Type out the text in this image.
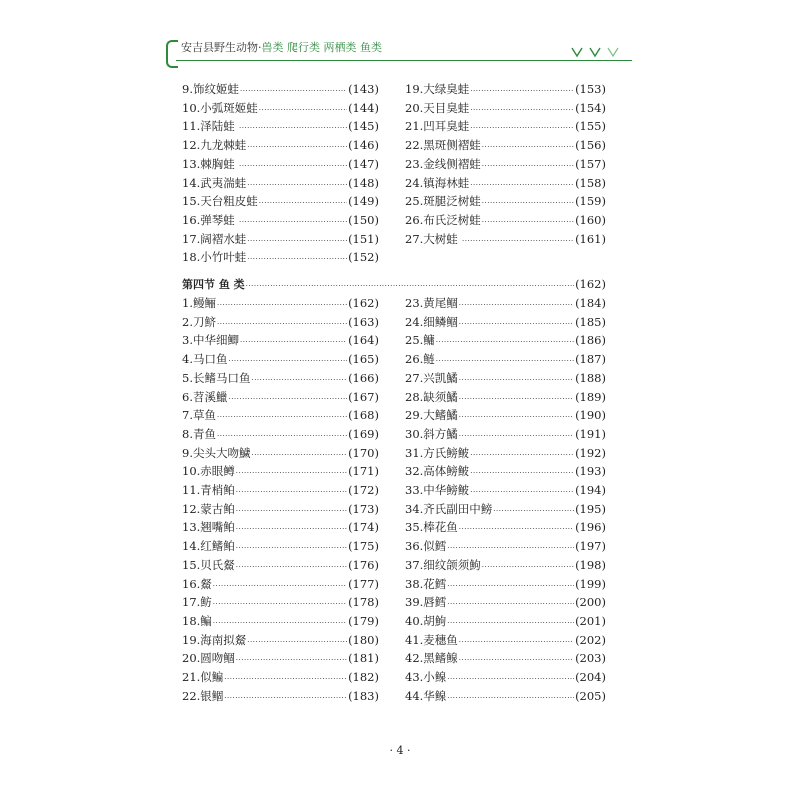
安吉县野生动物·兽类 爬行类 两栖类 鱼类
9.饰纹姬蛙 ·····	(143)
10.小弧斑姬蛙 ·····	(144)
11.泽陆蛙 ·····	(145)
12.九龙棘蛙 ·····	(146)
13.棘胸蛙 ·····	(147)
14.武夷湍蛙 ·····	(148)
15.天台粗皮蛙 ·····	(149)
16.弹琴蛙 ·····	(150)
17.阔褶水蛙 ·····	(151)
18.小竹叶蛙 ·····	(152)
19.大绿臭蛙 ·····	(153)
20.天目臭蛙 ·····	(154)
21.凹耳臭蛙 ·····	(155)
22.黑斑侧褶蛙 ·····	(156)
23.金线侧褶蛙 ·····	(157)
24.镇海林蛙 ·····	(158)
25.斑腿泛树蛙 ·····	(159)
26.布氏泛树蛙 ·····	(160)
27.大树蛙 ·····	(161)
第四节 鱼 类 ·····	(162)
1.鳗鲡 ·····	(162)
2.刀鲚 ·····	(163)
3.中华细鲫 ·····	(164)
4.马口鱼 ·····	(165)
5.长鳍马口鱼 ·····	(166)
6.苕溪鱲 ·····	(167)
7.草鱼 ·····	(168)
8.青鱼 ·····	(169)
9.尖头大吻鱥 ·····	(170)
10.赤眼鳟 ·····	(171)
11.青梢鲌 ·····	(172)
12.蒙古鲌 ·····	(173)
13.翘嘴鲌 ·····	(174)
14.红鳍鲌 ·····	(175)
15.贝氏䱗 ·····	(176)
16.䱗 ·····	(177)
17.鲂 ·····	(178)
18.鳊 ·····	(179)
19.海南拟䱗 ·····	(180)
20.圆吻鲴 ·····	(181)
21.似鳊 ·····	(182)
22.银鲴 ·····	(183)
23.黄尾鲴 ·····	(184)
24.细鳞鲴 ·····	(185)
25.鳙 ·····	(186)
26.鲢 ·····	(187)
27.兴凯鱊 ·····	(188)
28.缺须鱊 ·····	(189)
29.大鳍鱊 ·····	(190)
30.斜方鱊 ·····	(191)
31.方氏鳑鲏 ·····	(192)
32.高体鳑鲏 ·····	(193)
33.中华鳑鲏 ·····	(194)
34.齐氏副田中鳑 ·····	(195)
35.棒花鱼 ·····	(196)
36.似鳕 ·····	(197)
37.细纹颌须鮈 ·····	(198)
38.花鳕 ·····	(199)
39.唇鳕 ·····	(200)
40.胡鮈 ·····	(201)
41.麦穗鱼 ·····	(202)
42.黑鳍鳈 ·····	(203)
43.小鳈 ·····	(204)
44.华鳈 ·····	(205)
· 4 ·
